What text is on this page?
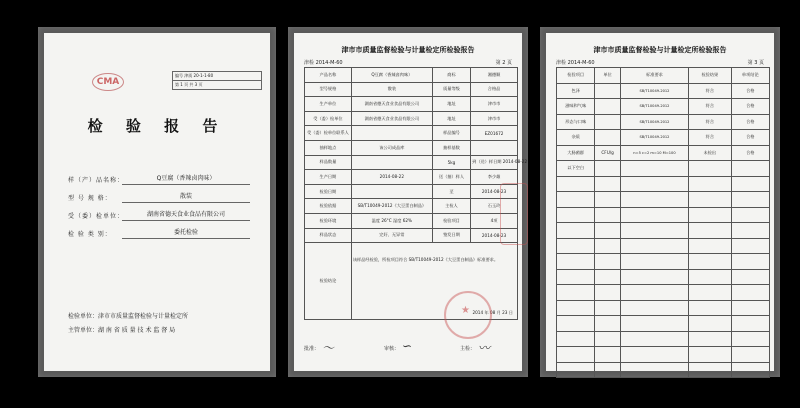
CMA
编号 津质 20-1-1-80
第 1 页 共 3 页
检 验 报 告
样（产）品名称：	Q豆腐（香辣卤肉味）
型 号 规 格：	散装
受（委）检单位：	湖南省德天食业食品有限公司
检 验 类 别：	委托检验
检验单位：津市市质量监督检验与计量检定所
主管单位：湖 南 省 质 量 技 术 监 督 局
津市市质量监督检验与计量检定所检验报告
津检 2014-M-60	第 2 页
产品名称	Q豆腐（香辣卤肉味）	商标	湘德顺
型号规格	散装	质量等级	合格品
生产单位	湖南省德天食业食品有限公司	地址	津市市
受（委）检单位	湖南省德天食业食品有限公司	地址	津市市
受（委）检单位联系人		样品编号	EZ01672
抽样地点	该公司成品库	抽样基数	
样品数量		5kg	到（送）样日期 2014-08-22
生产日期	2014-08-22	送（抽）样人	李少雄
检验日期		至	2014-08-23
检验依据	SB/T10049-2012《大豆蛋白制品》	主检人	石玉玲
检验环境	温度 26°C 湿度 62%	检验项目	4项
样品状态	完好、无异常	签发日期	2014-08-23
检验结论	该样品经检验，所检项目符合 SB/T10049-2012《大豆蛋白制品》标准要求。
2014 年 08 月 23 日		
★
批准：	审核：	主检：
〜	∽	〰
津市市质量监督检验与计量检定所检验报告
津检 2014-M-60	第 3 页
检验项目	单位	标准要求	检验结果	单项结论
色泽		SB/T10049-2012	符合	合格
滋味和气味		SB/T10049-2012	符合	合格
形态与口味		SB/T10049-2012	符合	合格
杂质		SB/T10049-2012	符合	合格
大肠菌群	CFU/g	n=5 c=2 m=10 M=100	未检出	合格
以下空白				
